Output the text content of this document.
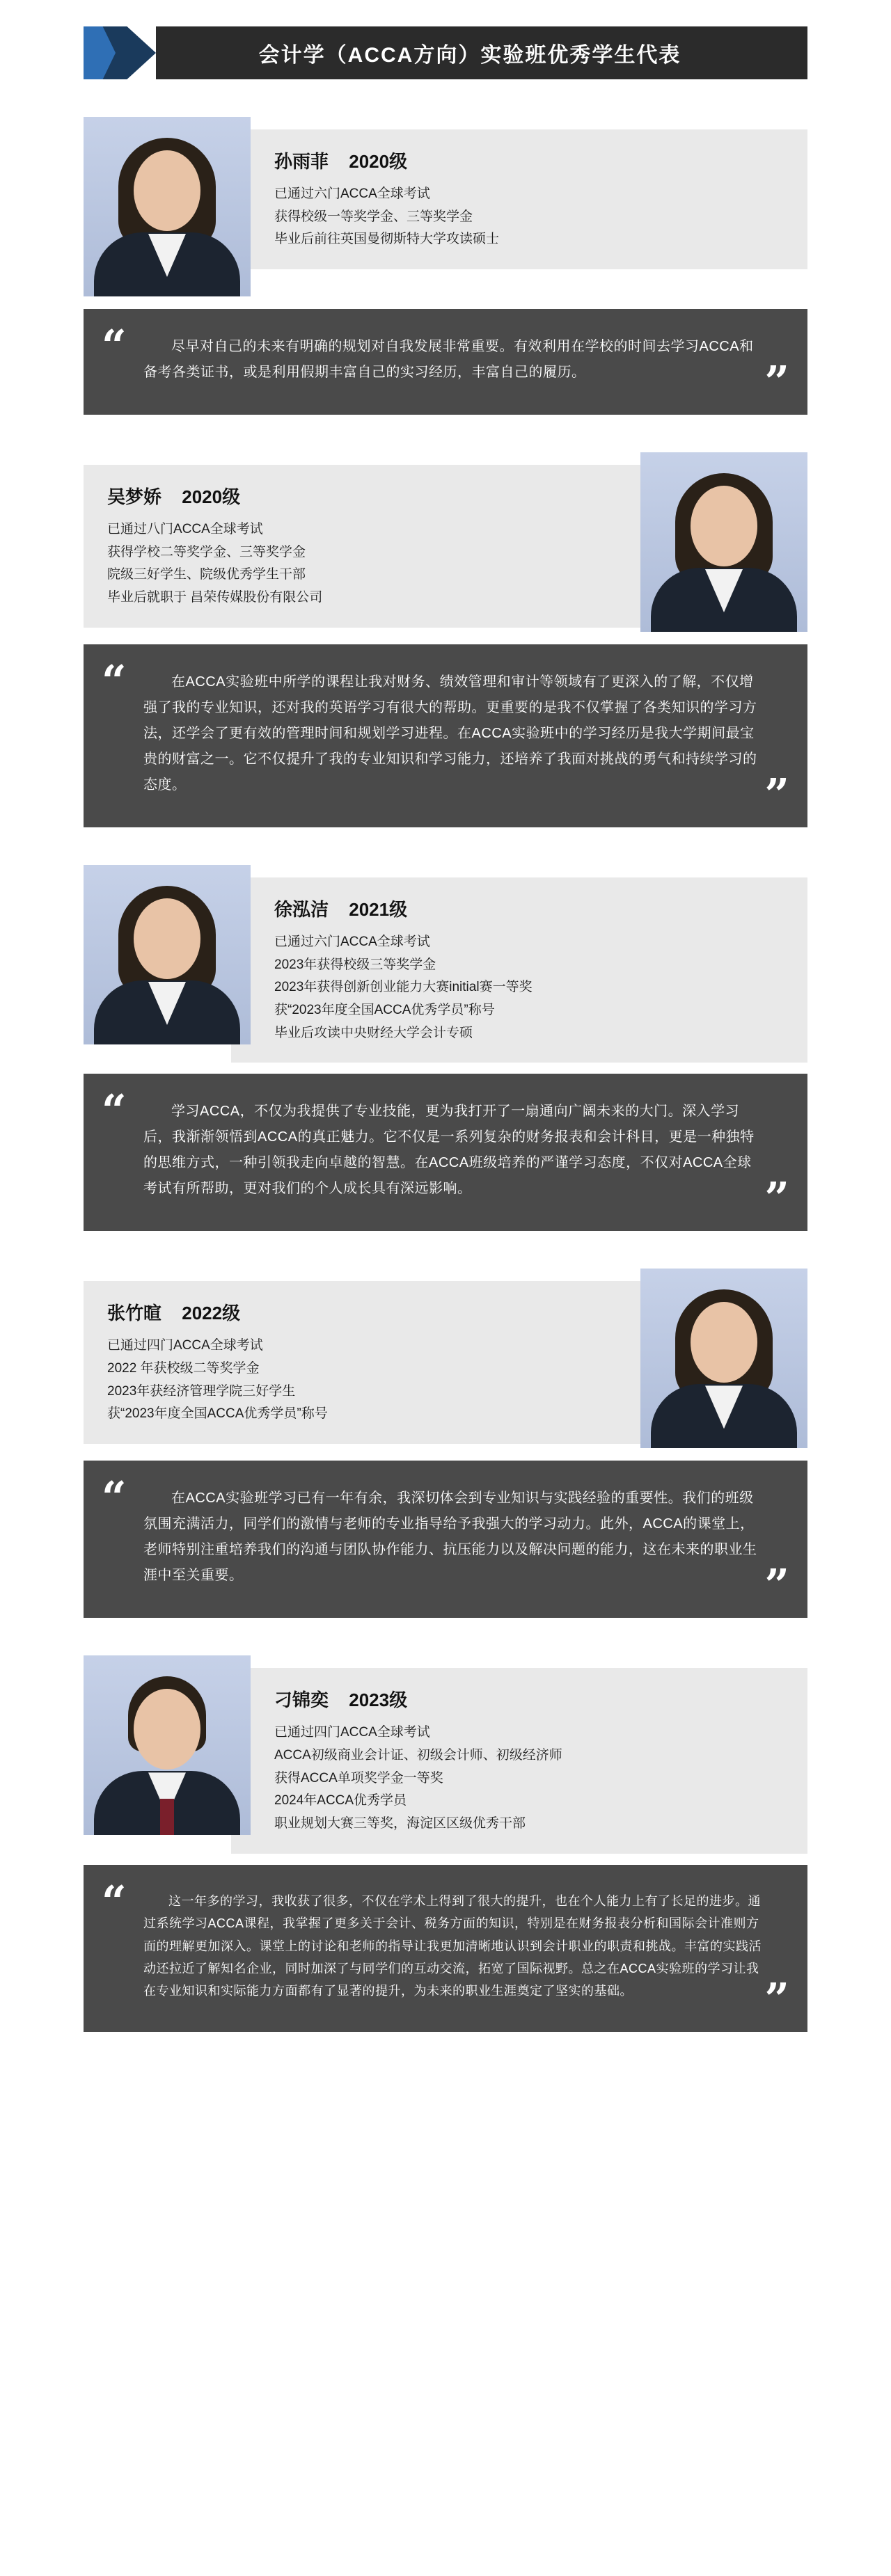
会计学（ACCA方向）实验班优秀学生代表
孙雨菲 2020级
已通过六门ACCA全球考试
获得校级一等奖学金、三等奖学金
毕业后前往英国曼彻斯特大学攻读硕士
“	尽早对自己的未来有明确的规划对自我发展非常重要。有效利用在学校的时间去学习ACCA和备考各类证书，或是利用假期丰富自己的实习经历，丰富自己的履历。	”
吴梦娇 2020级
已通过八门ACCA全球考试
获得学校二等奖学金、三等奖学金
院级三好学生、院级优秀学生干部
毕业后就职于 昌荣传媒股份有限公司
“	在ACCA实验班中所学的课程让我对财务、绩效管理和审计等领域有了更深入的了解，不仅增强了我的专业知识，还对我的英语学习有很大的帮助。更重要的是我不仅掌握了各类知识的学习方法，还学会了更有效的管理时间和规划学习进程。在ACCA实验班中的学习经历是我大学期间最宝贵的财富之一。它不仅提升了我的专业知识和学习能力，还培养了我面对挑战的勇气和持续学习的态度。	”
徐泓洁 2021级
已通过六门ACCA全球考试
2023年获得校级三等奖学金
2023年获得创新创业能力大赛initial赛一等奖
获“2023年度全国ACCA优秀学员”称号
毕业后攻读中央财经大学会计专硕
“	学习ACCA，不仅为我提供了专业技能，更为我打开了一扇通向广阔未来的大门。深入学习后，我渐渐领悟到ACCA的真正魅力。它不仅是一系列复杂的财务报表和会计科目，更是一种独特的思维方式，一种引领我走向卓越的智慧。在ACCA班级培养的严谨学习态度，不仅对ACCA全球考试有所帮助，更对我们的个人成长具有深远影响。	”
张竹暄 2022级
已通过四门ACCA全球考试
2022 年获校级二等奖学金
2023年获经济管理学院三好学生
获“2023年度全国ACCA优秀学员”称号
“	在ACCA实验班学习已有一年有余，我深切体会到专业知识与实践经验的重要性。我们的班级氛围充满活力，同学们的激情与老师的专业指导给予我强大的学习动力。此外，ACCA的课堂上，老师特别注重培养我们的沟通与团队协作能力、抗压能力以及解决问题的能力，这在未来的职业生涯中至关重要。	”
刁锦奕 2023级
已通过四门ACCA全球考试
ACCA初级商业会计证、初级会计师、初级经济师
获得ACCA单项奖学金一等奖
2024年ACCA优秀学员
职业规划大赛三等奖，海淀区区级优秀干部
“	这一年多的学习，我收获了很多，不仅在学术上得到了很大的提升，也在个人能力上有了长足的进步。通过系统学习ACCA课程，我掌握了更多关于会计、税务方面的知识，特别是在财务报表分析和国际会计准则方面的理解更加深入。课堂上的讨论和老师的指导让我更加清晰地认识到会计职业的职责和挑战。丰富的实践活动还拉近了解知名企业，同时加深了与同学们的互动交流，拓宽了国际视野。总之在ACCA实验班的学习让我在专业知识和实际能力方面都有了显著的提升，为未来的职业生涯奠定了坚实的基础。	”
